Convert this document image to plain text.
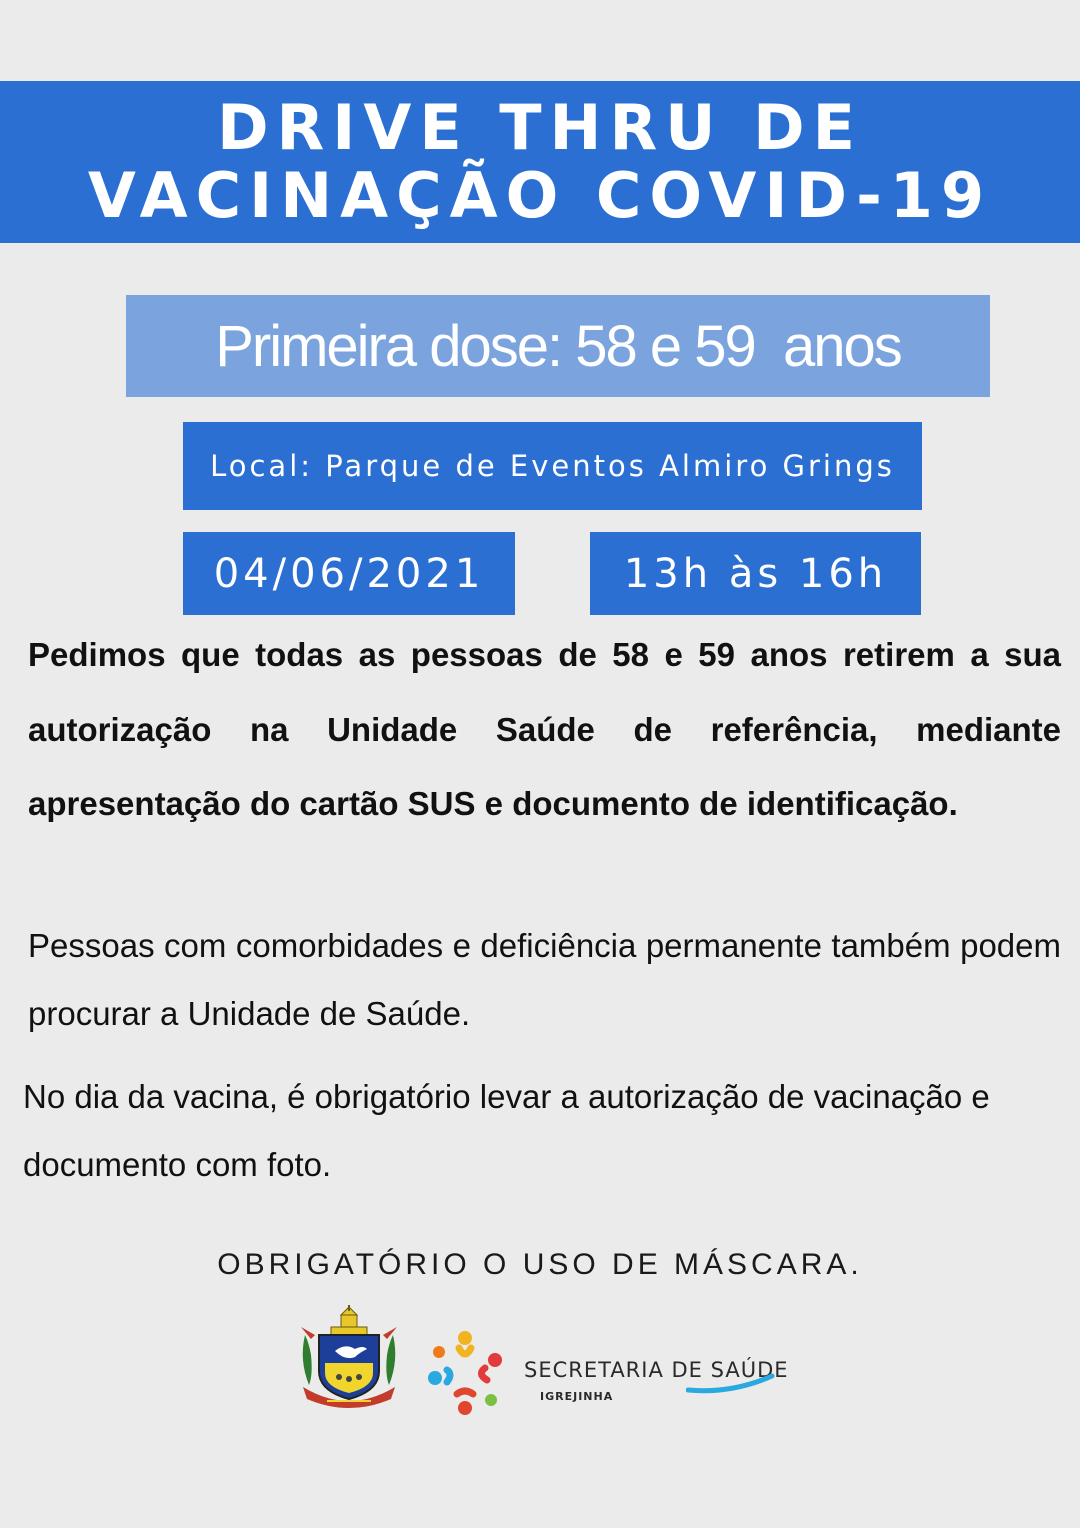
DRIVE THRU DE
VACINAÇÃO COVID-19
Primeira dose: 58 e 59  anos
Local: Parque de Eventos Almiro Grings
04/06/2021	13h às 16h
Pedimos que todas as pessoas de 58 e 59 anos retirem a sua autorização na Unidade Saúde de referência, mediante apresentação do cartão SUS e documento de identificação.
Pessoas com comorbidades e deficiência permanente também podem procurar a Unidade de Saúde.
No dia da vacina, é obrigatório levar a autorização de vacinação e documento com foto.
OBRIGATÓRIO O USO DE MÁSCARA.
SECRETARIA DE SAÚDE
IGREJINHA
